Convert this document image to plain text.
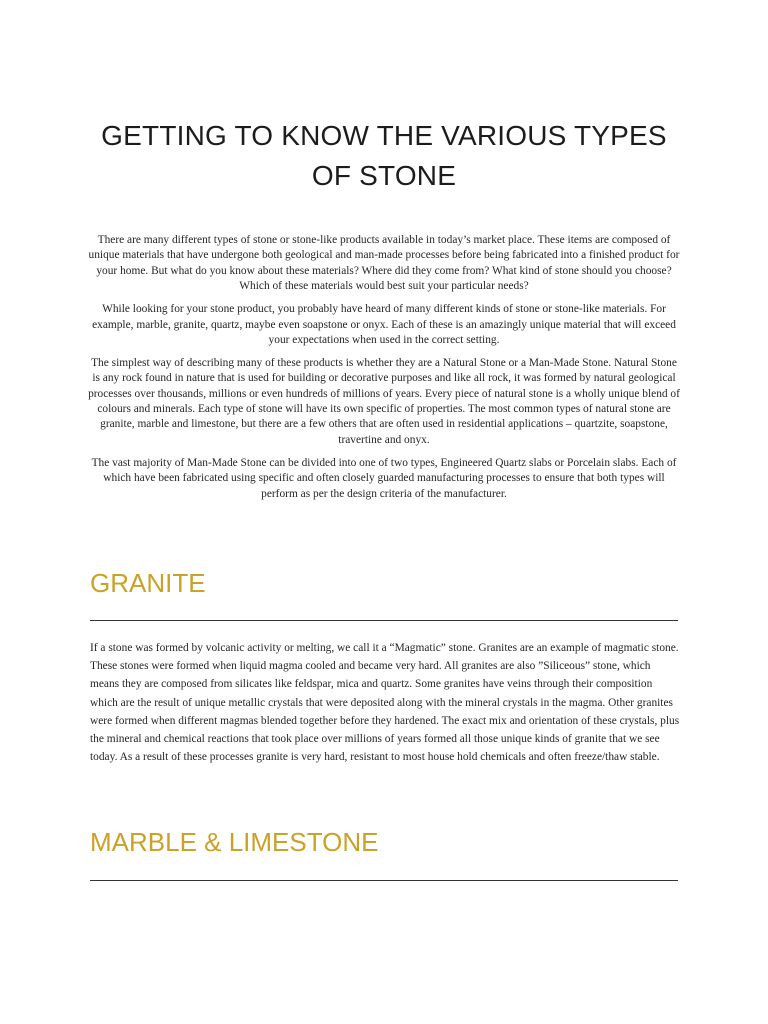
GETTING TO KNOW THE VARIOUS TYPES OF STONE

There are many different types of stone or stone-like products available in today’s market place. These items are composed of unique materials that have undergone both geological and man-made processes before being fabricated into a finished product for your home. But what do you know about these materials? Where did they come from? What kind of stone should you choose? Which of these materials would best suit your particular needs?

While looking for your stone product, you probably have heard of many different kinds of stone or stone-like materials. For example, marble, granite, quartz, maybe even soapstone or onyx. Each of these is an amazingly unique material that will exceed your expectations when used in the correct setting.

The simplest way of describing many of these products is whether they are a Natural Stone or a Man-Made Stone. Natural Stone is any rock found in nature that is used for building or decorative purposes and like all rock, it was formed by natural geological processes over thousands, millions or even hundreds of millions of years. Every piece of natural stone is a wholly unique blend of colours and minerals. Each type of stone will have its own specific of properties. The most common types of natural stone are granite, marble and limestone, but there are a few others that are often used in residential applications – quartzite, soapstone, travertine and onyx.

The vast majority of Man-Made Stone can be divided into one of two types, Engineered Quartz slabs or Porcelain slabs. Each of which have been fabricated using specific and often closely guarded manufacturing processes to ensure that both types will perform as per the design criteria of the manufacturer.

GRANITE

If a stone was formed by volcanic activity or melting, we call it a “Magmatic” stone. Granites are an example of magmatic stone. These stones were formed when liquid magma cooled and became very hard. All granites are also ”Siliceous” stone, which means they are composed from silicates like feldspar, mica and quartz. Some granites have veins through their composition which are the result of unique metallic crystals that were deposited along with the mineral crystals in the magma. Other granites were formed when different magmas blended together before they hardened. The exact mix and orientation of these crystals, plus the mineral and chemical reactions that took place over millions of years formed all those unique kinds of granite that we see today. As a result of these processes granite is very hard, resistant to most house hold chemicals and often freeze/thaw stable.

MARBLE & LIMESTONE
